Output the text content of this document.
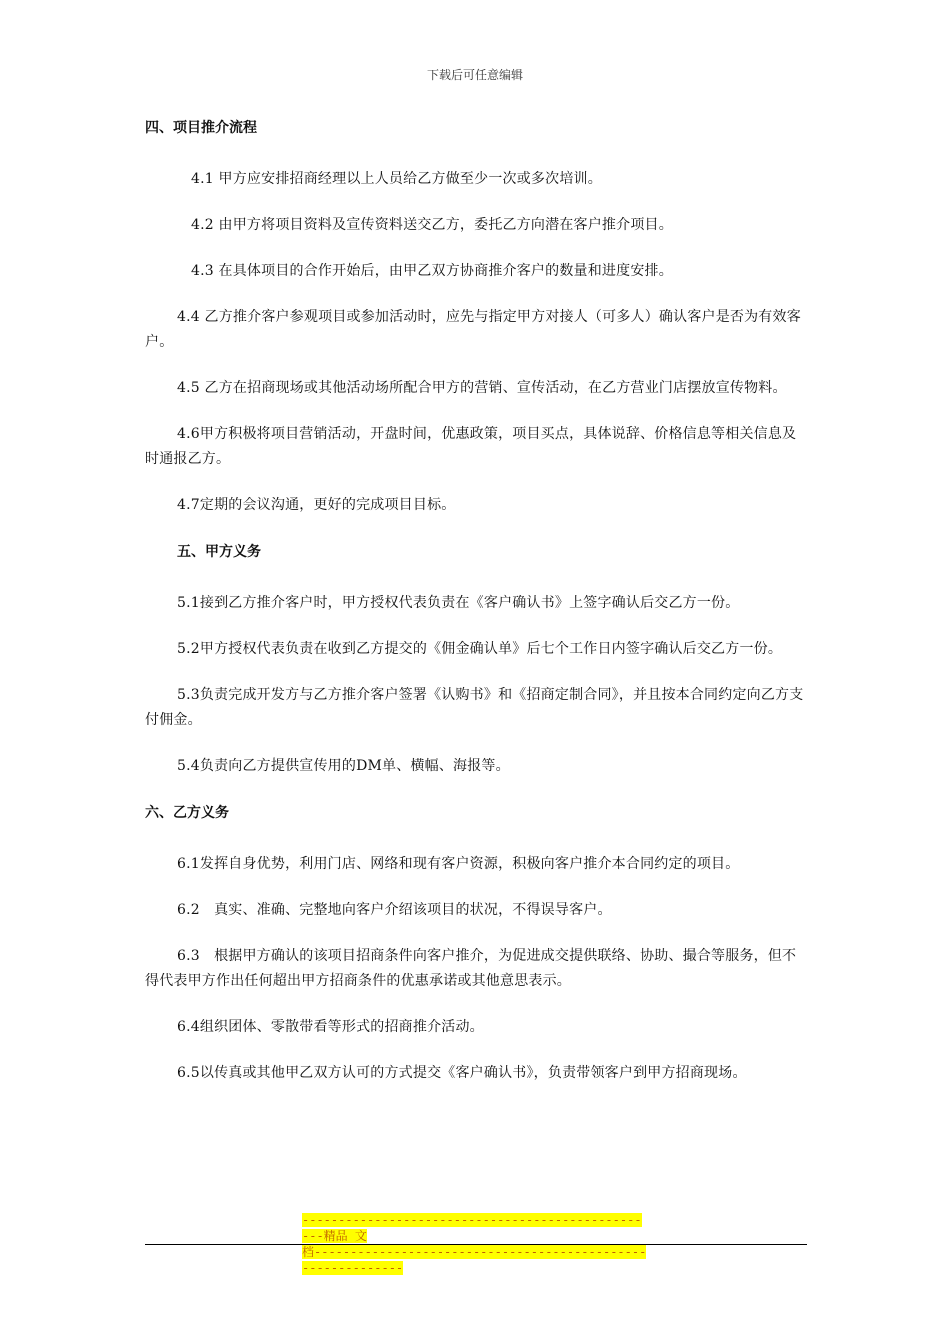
下载后可任意编辑
四、项目推介流程

4.1 甲方应安排招商经理以上人员给乙方做至少一次或多次培训。

4.2 由甲方将项目资料及宣传资料送交乙方，委托乙方向潜在客户推介项目。

4.3 在具体项目的合作开始后，由甲乙双方协商推介客户的数量和进度安排。

4.4 乙方推介客户参观项目或参加活动时，应先与指定甲方对接人（可多人）确认客户是否为有效客户。

4.5 乙方在招商现场或其他活动场所配合甲方的营销、宣传活动，在乙方营业门店摆放宣传物料。

4.6甲方积极将项目营销活动，开盘时间，优惠政策，项目买点，具体说辞、价格信息等相关信息及时通报乙方。

4.7定期的会议沟通，更好的完成项目目标。

五、甲方义务

5.1接到乙方推介客户时，甲方授权代表负责在《客户确认书》上签字确认后交乙方一份。

5.2甲方授权代表负责在收到乙方提交的《佣金确认单》后七个工作日内签字确认后交乙方一份。

5.3负责完成开发方与乙方推介客户签署《认购书》和《招商定制合同》，并且按本合同约定向乙方支付佣金。

5.4负责向乙方提供宣传用的DM单、横幅、海报等。

六、乙方义务

6.1发挥自身优势，利用门店、网络和现有客户资源，积极向客户推介本合同约定的项目。

6.2　真实、准确、完整地向客户介绍该项目的状况，不得误导客户。

6.3　根据甲方确认的该项目招商条件向客户推介，为促进成交提供联络、协助、撮合等服务，但不得代表甲方作出任何超出甲方招商条件的优惠承诺或其他意思表示。

6.4组织团体、零散带看等形式的招商推介活动。

6.5以传真或其他甲乙双方认可的方式提交《客户确认书》，负责带领客户到甲方招商现场。

--------------------------------------------------精品 文
档------------------------------------------------------------
